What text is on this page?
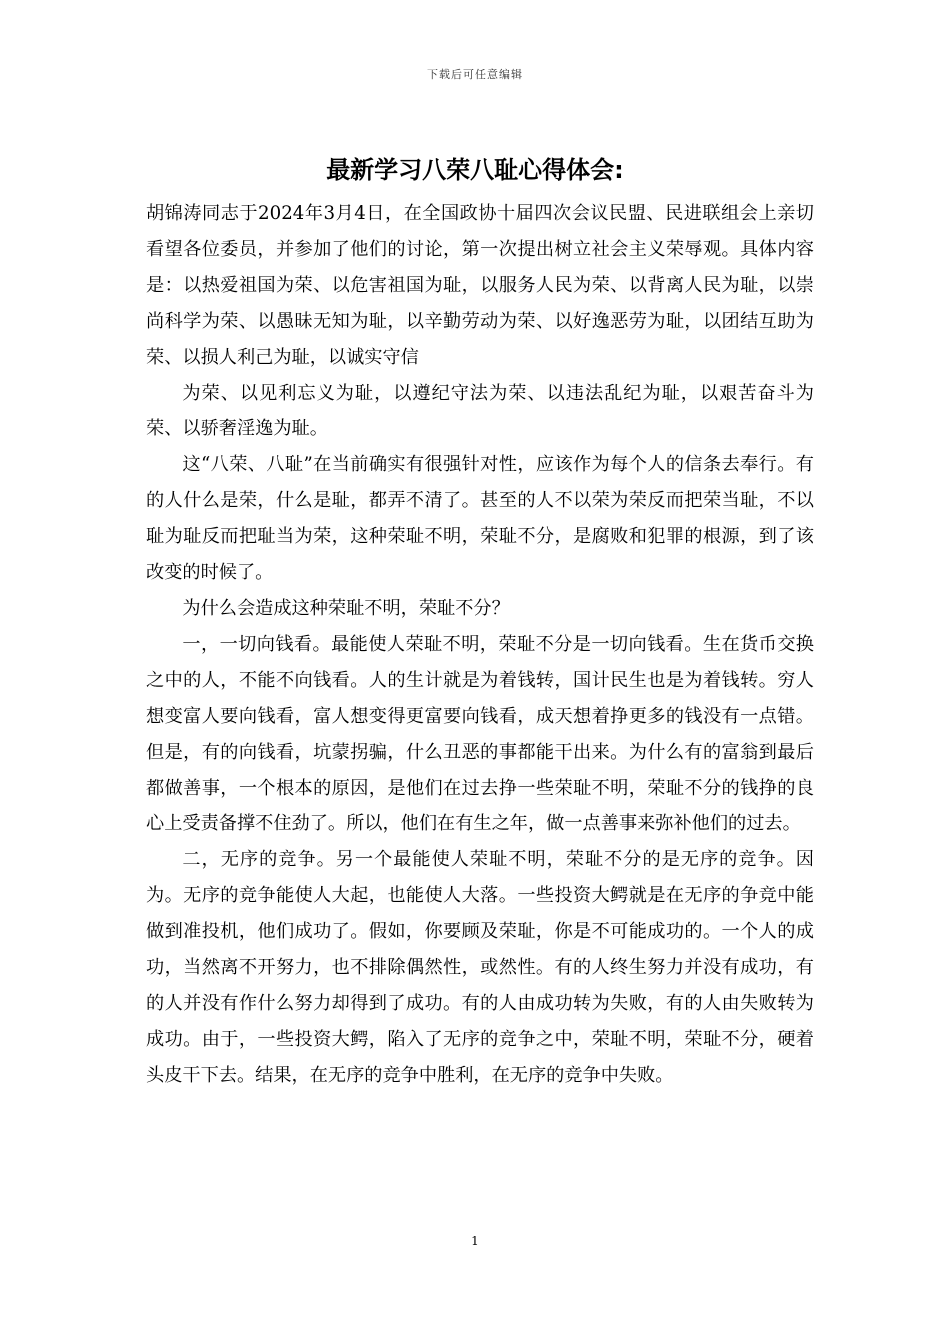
下载后可任意编辑
最新学习八荣八耻心得体会:

胡锦涛同志于2024年3月4日，在全国政协十届四次会议民盟、民进联组会上亲切看望各位委员，并参加了他们的讨论，第一次提出树立社会主义荣辱观。具体内容是：以热爱祖国为荣、以危害祖国为耻，以服务人民为荣、以背离人民为耻，以崇尚科学为荣、以愚昧无知为耻，以辛勤劳动为荣、以好逸恶劳为耻，以团结互助为荣、以损人利己为耻，以诚实守信

为荣、以见利忘义为耻，以遵纪守法为荣、以违法乱纪为耻，以艰苦奋斗为荣、以骄奢淫逸为耻。

这“八荣、八耻”在当前确实有很强针对性，应该作为每个人的信条去奉行。有的人什么是荣，什么是耻，都弄不清了。甚至的人不以荣为荣反而把荣当耻，不以耻为耻反而把耻当为荣，这种荣耻不明，荣耻不分，是腐败和犯罪的根源，到了该改变的时候了。

为什么会造成这种荣耻不明，荣耻不分？

一，一切向钱看。最能使人荣耻不明，荣耻不分是一切向钱看。生在货币交换之中的人，不能不向钱看。人的生计就是为着钱转，国计民生也是为着钱转。穷人想变富人要向钱看，富人想变得更富要向钱看，成天想着挣更多的钱没有一点错。但是，有的向钱看，坑蒙拐骗，什么丑恶的事都能干出来。为什么有的富翁到最后都做善事，一个根本的原因，是他们在过去挣一些荣耻不明，荣耻不分的钱挣的良心上受责备撑不住劲了。所以，他们在有生之年，做一点善事来弥补他们的过去。

二，无序的竞争。另一个最能使人荣耻不明，荣耻不分的是无序的竞争。因为。无序的竞争能使人大起，也能使人大落。一些投资大鳄就是在无序的争竞中能做到准投机，他们成功了。假如，你要顾及荣耻，你是不可能成功的。一个人的成功，当然离不开努力，也不排除偶然性，或然性。有的人终生努力并没有成功，有的人并没有作什么努力却得到了成功。有的人由成功转为失败，有的人由失败转为成功。由于，一些投资大鳄，陷入了无序的竞争之中，荣耻不明，荣耻不分，硬着头皮干下去。结果，在无序的竞争中胜利，在无序的竞争中失败。

1
